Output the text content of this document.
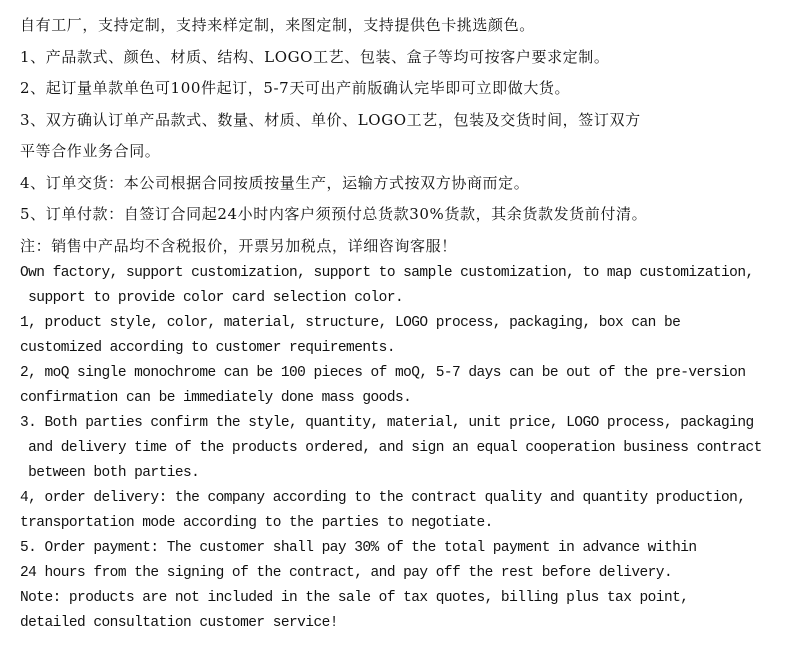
自有工厂，支持定制，支持来样定制，来图定制，支持提供色卡挑选颜色。
1、产品款式、颜色、材质、结构、LOGO工艺、包装、盒子等均可按客户要求定制。
2、起订量单款单色可100件起订，5-7天可出产前版确认完毕即可立即做大货。
3、双方确认订单产品款式、数量、材质、单价、LOGO工艺，包装及交货时间，签订双方
平等合作业务合同。
4、订单交货：本公司根据合同按质按量生产，运输方式按双方协商而定。
5、订单付款：自签订合同起24小时内客户须预付总货款30%货款，其余货款发货前付清。
注：销售中产品均不含税报价，开票另加税点，详细咨询客服！
Own factory, support customization, support to sample customization, to map customization,
support to provide color card selection color.
1, product style, color, material, structure, LOGO process, packaging, box can be
customized according to customer requirements.
2, moQ single monochrome can be 100 pieces of moQ, 5-7 days can be out of the pre-version
confirmation can be immediately done mass goods.
3. Both parties confirm the style, quantity, material, unit price, LOGO process, packaging
and delivery time of the products ordered, and sign an equal cooperation business contract
between both parties.
4, order delivery: the company according to the contract quality and quantity production,
transportation mode according to the parties to negotiate.
5. Order payment: The customer shall pay 30% of the total payment in advance within
24 hours from the signing of the contract, and pay off the rest before delivery.
Note: products are not included in the sale of tax quotes, billing plus tax point,
detailed consultation customer service!
